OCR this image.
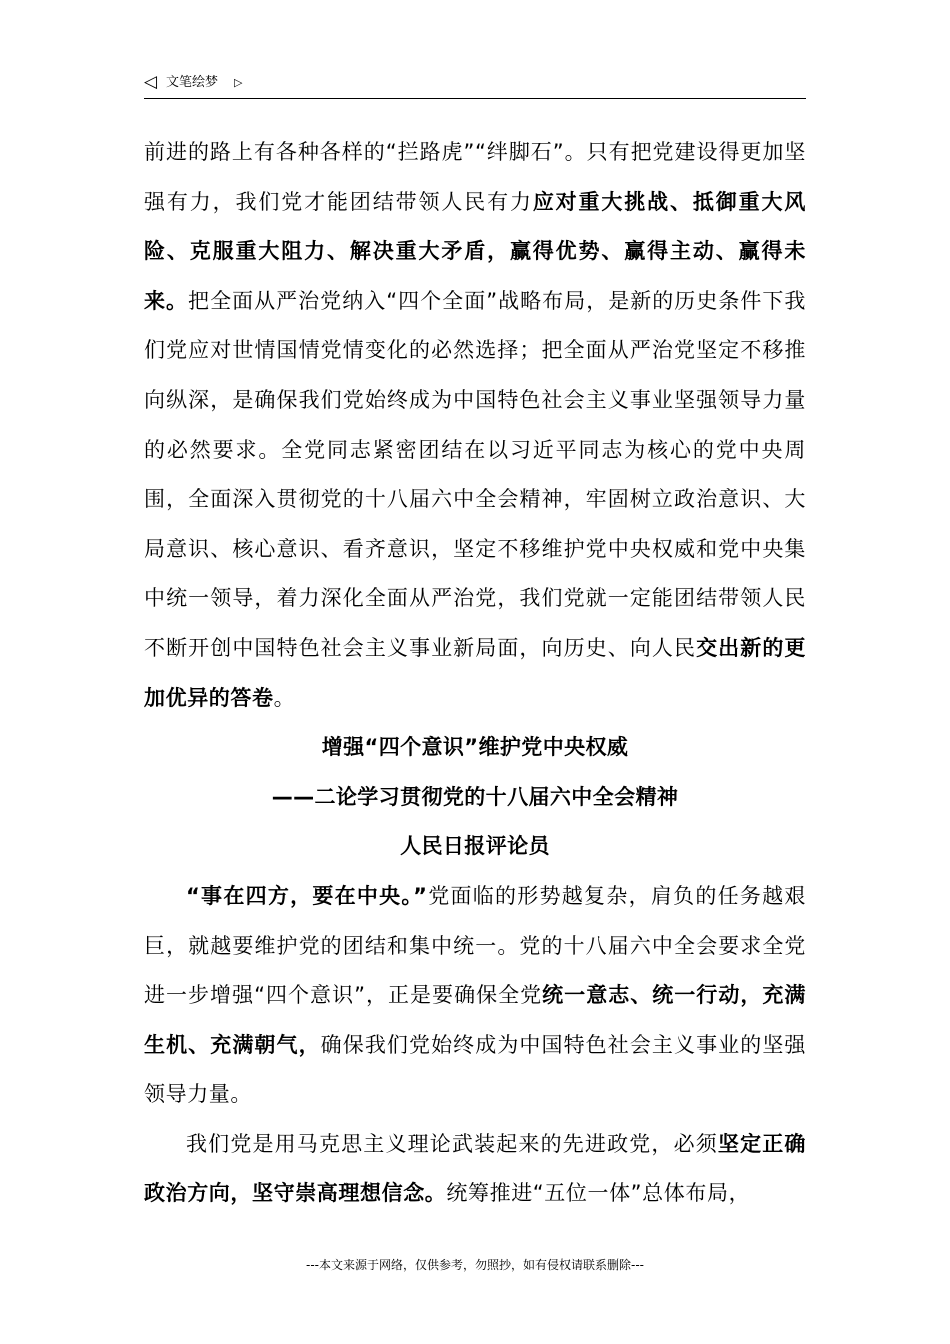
◁ 文笔绘梦 ▷

前进的路上有各种各样的“拦路虎”“绊脚石”。只有把党建设得更加坚强有力，我们党才能团结带领人民有力应对重大挑战、抵御重大风险、克服重大阻力、解决重大矛盾，赢得优势、赢得主动、赢得未来。把全面从严治党纳入“四个全面”战略布局，是新的历史条件下我们党应对世情国情党情变化的必然选择；把全面从严治党坚定不移推向纵深，是确保我们党始终成为中国特色社会主义事业坚强领导力量的必然要求。全党同志紧密团结在以习近平同志为核心的党中央周围，全面深入贯彻党的十八届六中全会精神，牢固树立政治意识、大局意识、核心意识、看齐意识，坚定不移维护党中央权威和党中央集中统一领导，着力深化全面从严治党，我们党就一定能团结带领人民不断开创中国特色社会主义事业新局面，向历史、向人民交出新的更加优异的答卷。

增强“四个意识”维护党中央权威

——二论学习贯彻党的十八届六中全会精神

人民日报评论员

“事在四方，要在中央。”党面临的形势越复杂，肩负的任务越艰巨，就越要维护党的团结和集中统一。党的十八届六中全会要求全党进一步增强“四个意识”，正是要确保全党统一意志、统一行动，充满生机、充满朝气，确保我们党始终成为中国特色社会主义事业的坚强领导力量。

我们党是用马克思主义理论武装起来的先进政党，必须坚定正确政治方向，坚守崇高理想信念。统筹推进“五位一体”总体布局，

---本文来源于网络，仅供参考，勿照抄，如有侵权请联系删除---
